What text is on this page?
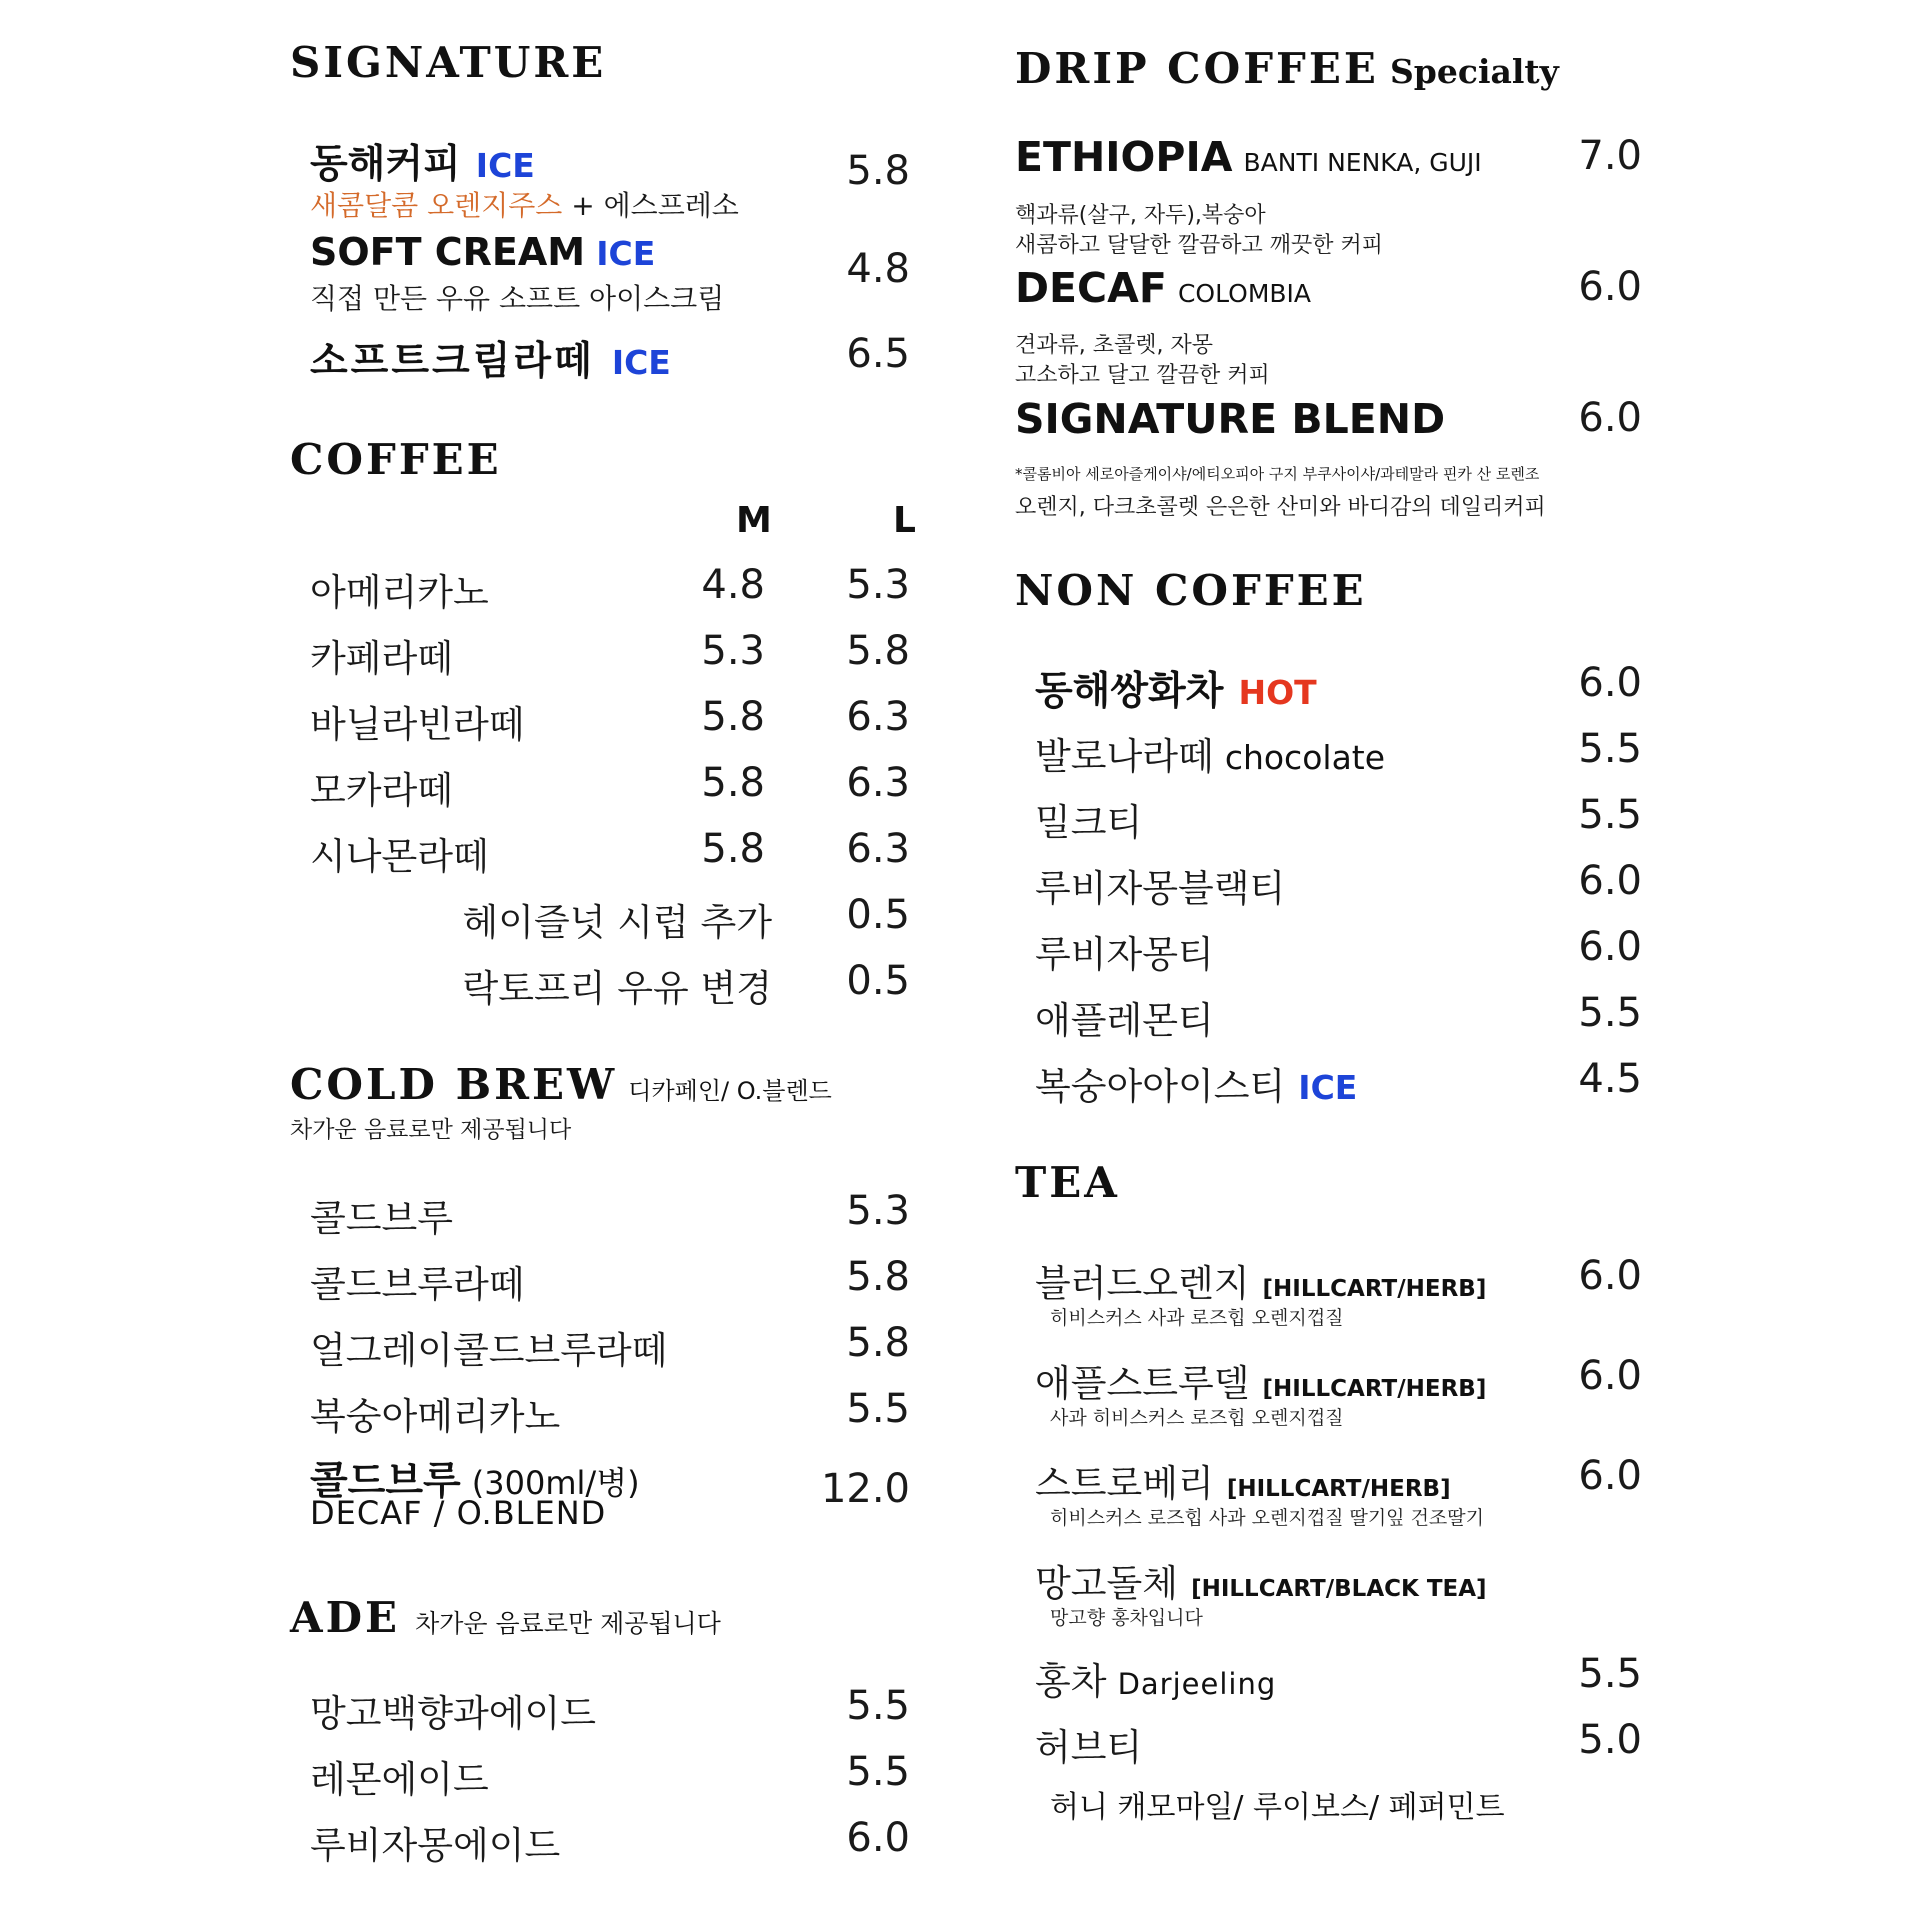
SIGNATURE
동해커피 ICE
새콤달콤 오렌지주스 + 에스프레소
5.8
SOFT CREAM ICE
직접 만든 우유 소프트 아이스크림
4.8
소프트크림라떼 ICE	6.5
COFFEE
M	L
아메리카노	4.8 5.3
카페라떼	5.3 5.8
바닐라빈라떼	5.8 6.3
모카라떼	5.8 6.3
시나몬라떼	5.8 6.3
헤이즐넛 시럽 추가 0.5
락토프리 우유 변경 0.5
COLD BREW 디카페인/ O.블렌드
차가운 음료로만 제공됩니다
콜드브루	5.3
콜드브루라떼	5.8
얼그레이콜드브루라떼	5.8
복숭아메리카노	5.5
콜드브루 (300ml/병)
DECAF / O.BLEND
12.0
ADE 차가운 음료로만 제공됩니다
망고백향과에이드	5.5
레몬에이드	5.5
루비자몽에이드	6.0
DRIP COFFEE Specialty
ETHIOPIA BANTI NENKA, GUJI 7.0
핵과류(살구, 자두),복숭아
새콤하고 달달한 깔끔하고 깨끗한 커피
DECAF COLOMBIA	6.0
견과류, 초콜렛, 자몽
고소하고 달고 깔끔한 커피
SIGNATURE BLEND	6.0
*콜롬비아 세로아즐게이샤/에티오피아 구지 부쿠사이샤/과테말라 핀카 산 로렌조
오렌지, 다크초콜렛 은은한 산미와 바디감의 데일리커피
NON COFFEE
동해쌍화차 HOT	6.0
발로나라떼 chocolate	5.5
밀크티	5.5
루비자몽블랙티	6.0
루비자몽티	6.0
애플레몬티	5.5
복숭아아이스티 ICE	4.5
TEA
블러드오렌지 [HILLCART/HERB]
히비스커스 사과 로즈힙 오렌지껍질
6.0
애플스트루델 [HILLCART/HERB]
사과 히비스커스 로즈힙 오렌지껍질
6.0
스트로베리 [HILLCART/HERB]
히비스커스 로즈힙 사과 오렌지껍질 딸기잎 건조딸기
6.0
망고돌체 [HILLCART/BLACK TEA]
망고향 홍차입니다
홍차 Darjeeling	5.5
허브티	5.0
허니 캐모마일/ 루이보스/ 페퍼민트
